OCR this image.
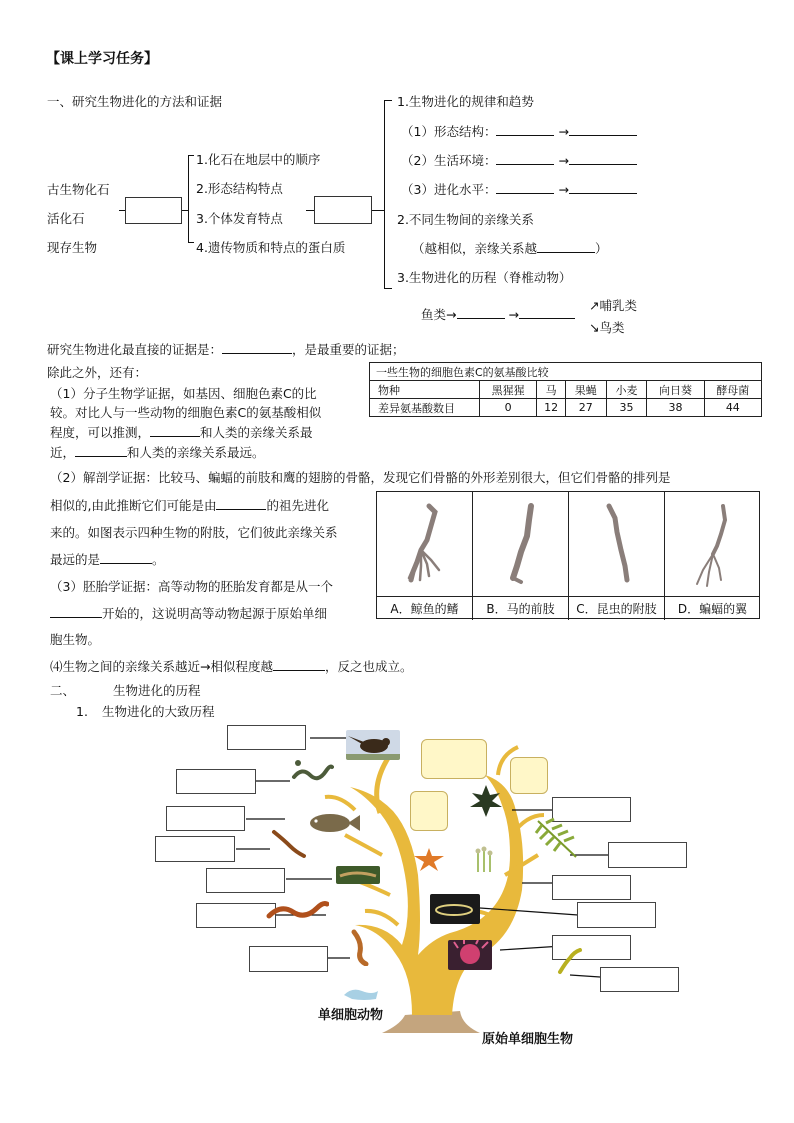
【课上学习任务】
一、研究生物进化的方法和证据
古生物化石
活化石
现存生物
1.化石在地层中的顺序
2.形态结构特点
3.个体发育特点
4.遗传物质和特点的蛋白质
1.生物进化的规律和趋势
（1）形态结构：	→
（2）生活环境：	→
（3）进化水平：	→
2.不同生物间的亲缘关系
（越相似，亲缘关系越	）
3.生物进化的历程（脊椎动物）
鱼类→	→
↗哺乳类
↘鸟类
研究生物进化最直接的证据是：	，是最重要的证据；
除此之外，还有：
（1）分子生物学证据，如基因、细胞色素C的比
较。对比人与一些动物的细胞色素C的氨基酸相似
程度，可以推测，	和人类的亲缘关系最
近，	和人类的亲缘关系最远。
一些生物的细胞色素C的氨基酸比较						
物种	黑猩猩	马	果蝇	小麦	向日葵	酵母菌
差异氨基酸数目	0	12	27	35	38	44
（2）解剖学证据：比较马、蝙蝠的前肢和鹰的翅膀的骨骼，发现它们骨骼的外形差别很大，但它们骨骼的排列是
相似的,由此推断它们可能是由	的祖先进化
来的。如图表示四种生物的附肢，它们彼此亲缘关系
最远的是	。
A．鲸鱼的鳍	B．马的前肢	C．昆虫的附肢	D．蝙蝠的翼
（3）胚胎学证据：高等动物的胚胎发育都是从一个
开始的，这说明高等动物起源于原始单细
胞生物。
⑷生物之间的亲缘关系越近→相似程度越	，反之也成立。
二、	生物进化的历程
1. 生物进化的大致历程
单细胞动物
原始单细胞生物
